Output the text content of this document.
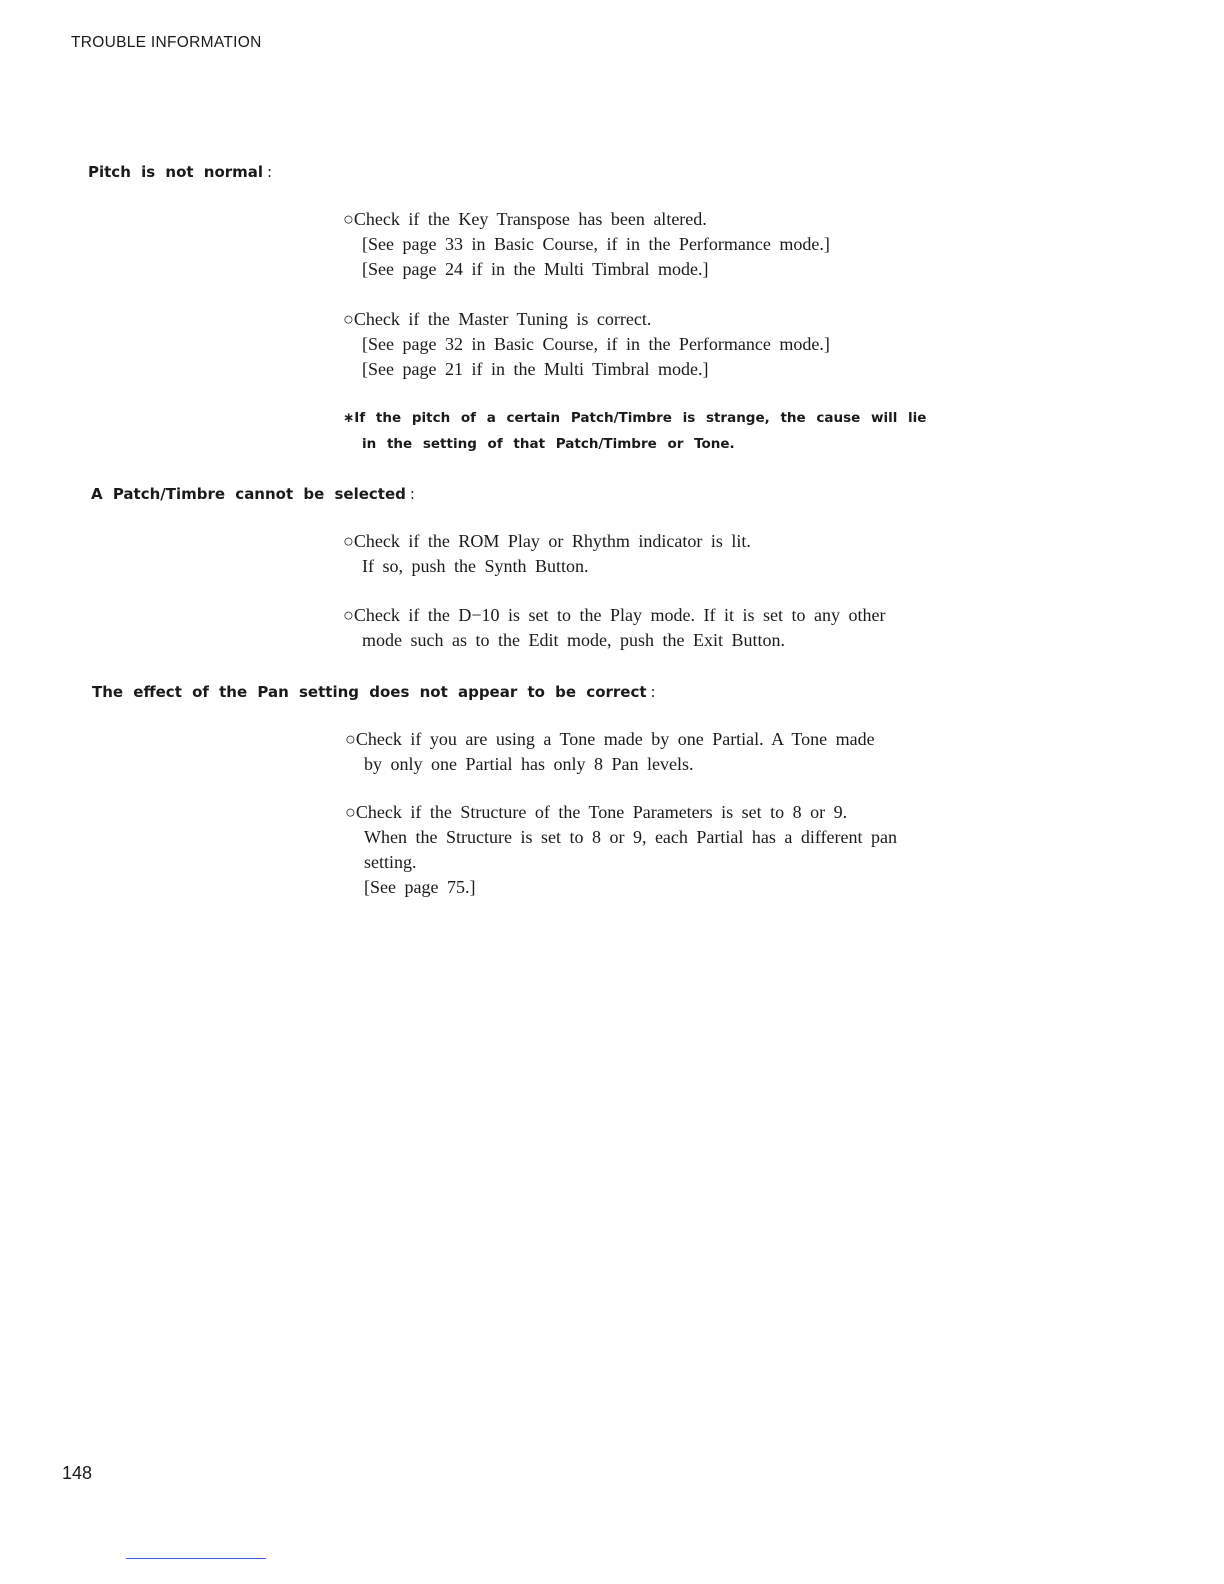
TROUBLE INFORMATION
Pitch is not normal :
○Check if the Key Transpose has been altered.
[See page 33 in Basic Course, if in the Performance mode.]
[See page 24 if in the Multi Timbral mode.]
○Check if the Master Tuning is correct.
[See page 32 in Basic Course, if in the Performance mode.]
[See page 21 if in the Multi Timbral mode.]
∗If the pitch of a certain Patch/Timbre is strange, the cause will lie
in the setting of that Patch/Timbre or Tone.
A Patch/Timbre cannot be selected :
○Check if the ROM Play or Rhythm indicator is lit.
If so, push the Synth Button.
○Check if the D−10 is set to the Play mode. If it is set to any other
mode such as to the Edit mode, push the Exit Button.
The effect of the Pan setting does not appear to be correct :
○Check if you are using a Tone made by one Partial. A Tone made
by only one Partial has only 8 Pan levels.
○Check if the Structure of the Tone Parameters is set to 8 or 9.
When the Structure is set to 8 or 9, each Partial has a different pan
setting.
[See page 75.]
148
